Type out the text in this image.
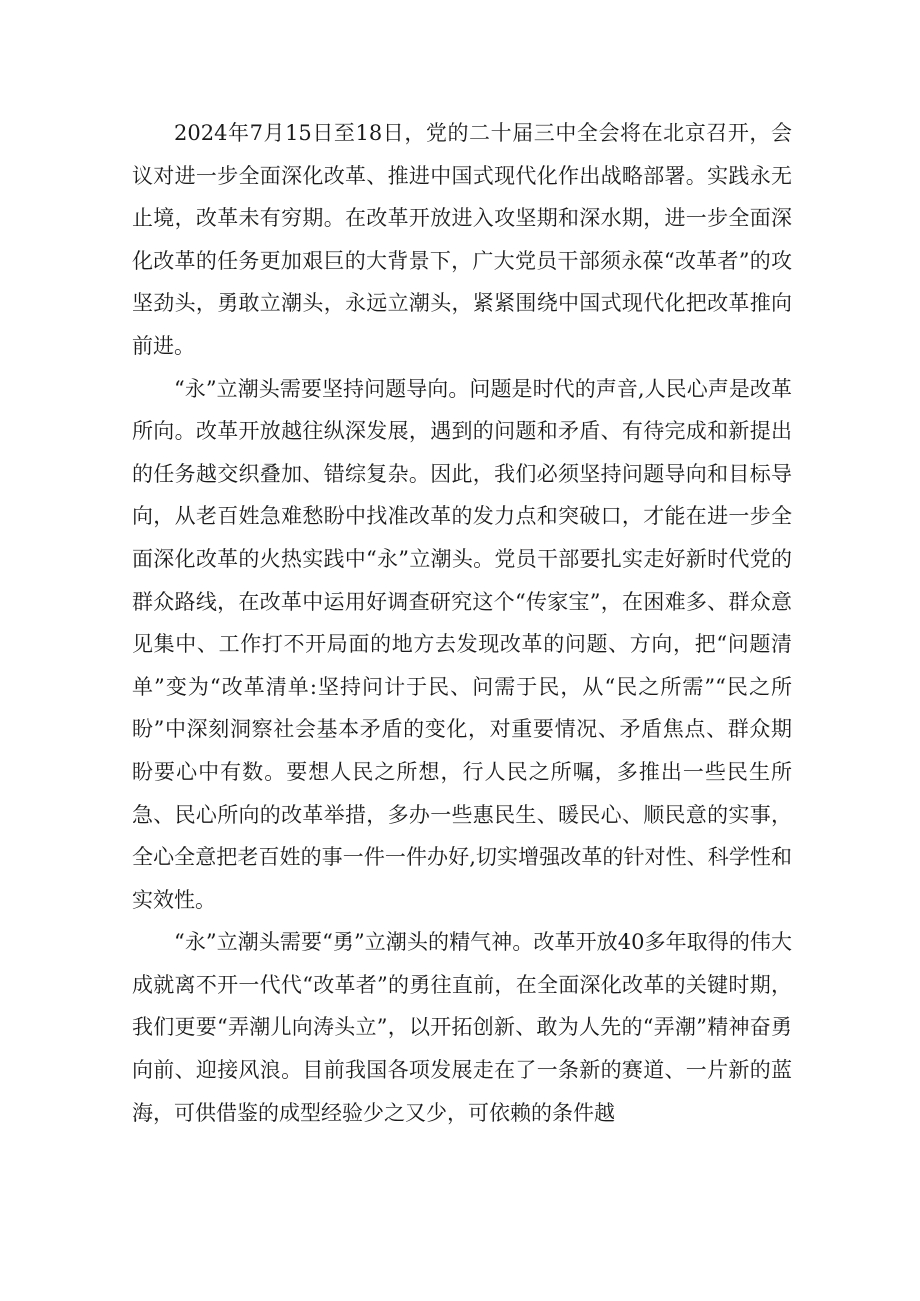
2024年7月15日至18日，党的二十届三中全会将在北京召开，会议对进一步全面深化改革、推进中国式现代化作出战略部署。实践永无止境，改革未有穷期。在改革开放进入攻坚期和深水期，进一步全面深化改革的任务更加艰巨的大背景下，广大党员干部须永葆“改革者”的攻坚劲头，勇敢立潮头，永远立潮头，紧紧围绕中国式现代化把改革推向前进。

“永”立潮头需要坚持问题导向。问题是时代的声音,人民心声是改革所向。改革开放越往纵深发展，遇到的问题和矛盾、有待完成和新提出的任务越交织叠加、错综复杂。因此，我们必须坚持问题导向和目标导向，从老百姓急难愁盼中找准改革的发力点和突破口，才能在进一步全面深化改革的火热实践中“永”立潮头。党员干部要扎实走好新时代党的群众路线，在改革中运用好调查研究这个“传家宝”，在困难多、群众意见集中、工作打不开局面的地方去发现改革的问题、方向，把“问题清单”变为“改革清单:坚持问计于民、问需于民，从“民之所需”“民之所盼”中深刻洞察社会基本矛盾的变化，对重要情况、矛盾焦点、群众期盼要心中有数。要想人民之所想，行人民之所嘱，多推出一些民生所急、民心所向的改革举措，多办一些惠民生、暖民心、顺民意的实事，全心全意把老百姓的事一件一件办好,切实增强改革的针对性、科学性和实效性。

“永”立潮头需要“勇”立潮头的精气神。改革开放40多年取得的伟大成就离不开一代代“改革者”的勇往直前，在全面深化改革的关键时期，我们更要“弄潮儿向涛头立”，以开拓创新、敢为人先的“弄潮”精神奋勇向前、迎接风浪。目前我国各项发展走在了一条新的赛道、一片新的蓝海，可供借鉴的成型经验少之又少，可依赖的条件越
